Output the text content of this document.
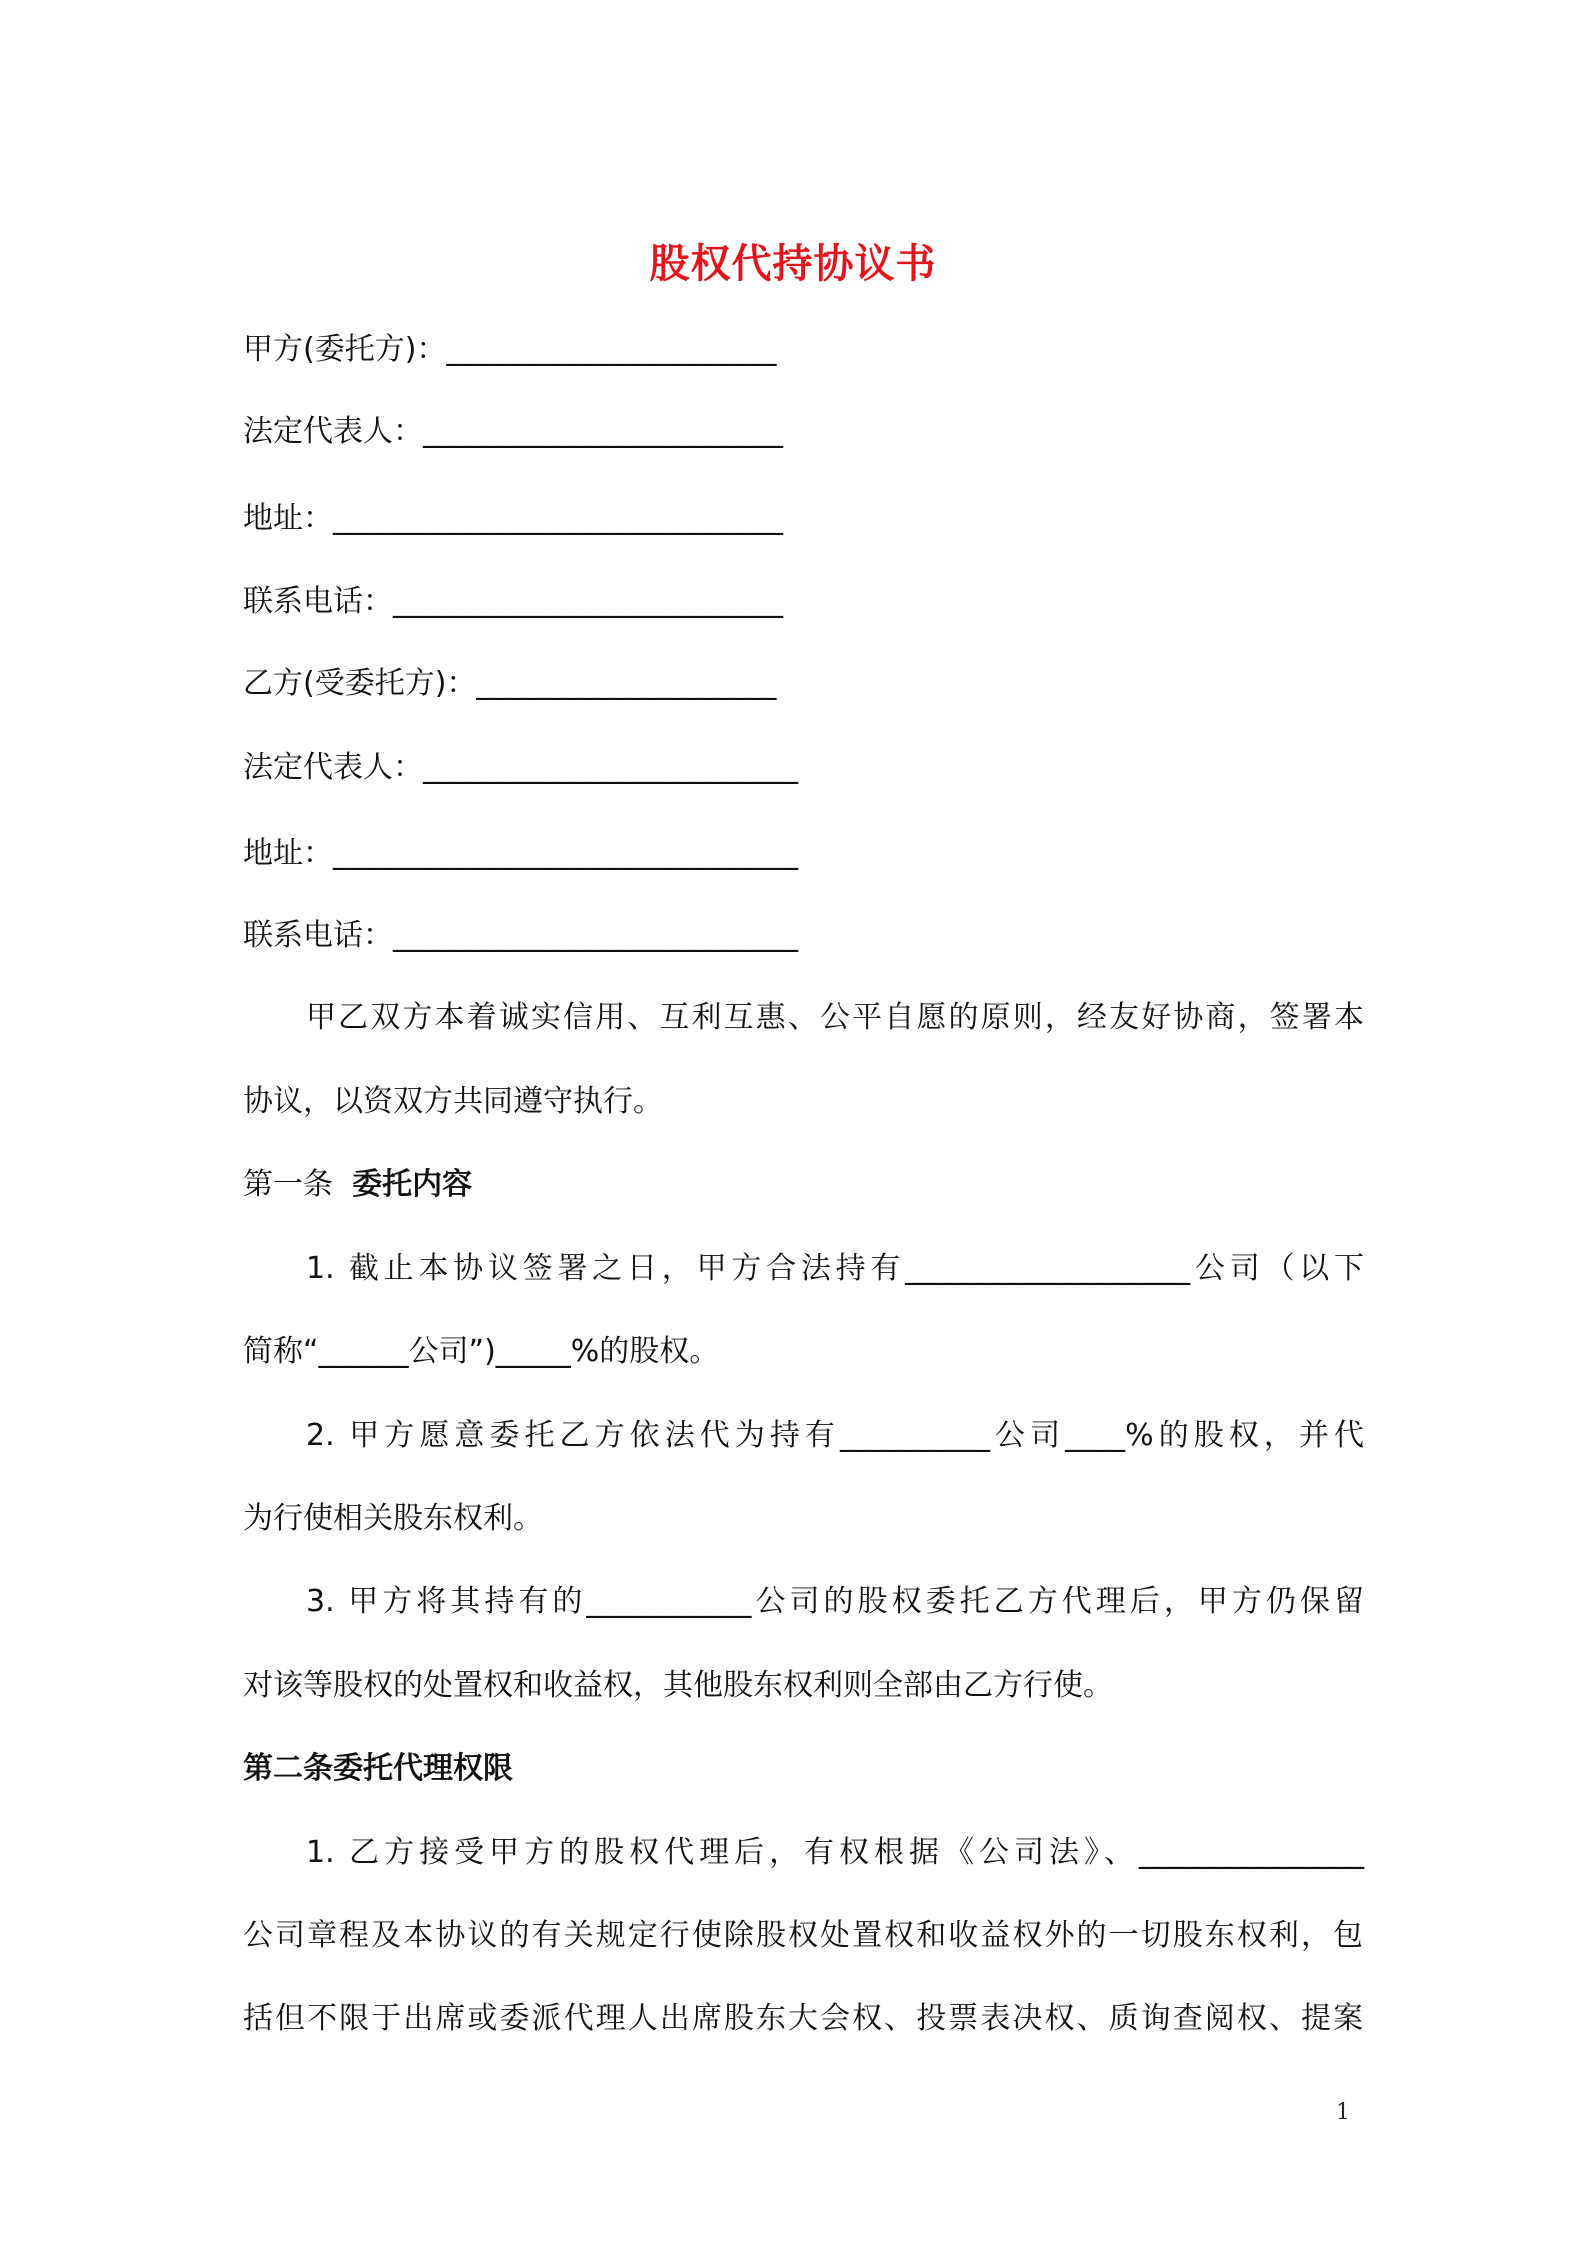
股权代持协议书
甲方(委托方)：______________________
法定代表人：________________________
地址：______________________________
联系电话：__________________________
乙方(受委托方)：____________________
法定代表人：_________________________
地址：_______________________________
联系电话：___________________________
甲乙双方本着诚实信用、互利互惠、公平自愿的原则，经友好协商，签署本
协议，以资双方共同遵守执行。
第一条 委托内容
1. 截止本协议签署之日，甲方合法持有___________________公司（以下
简称“______公司”)_____%的股权。
2. 甲方愿意委托乙方依法代为持有__________公司____%的股权，并代
为行使相关股东权利。
3. 甲方将其持有的___________公司的股权委托乙方代理后，甲方仍保留
对该等股权的处置权和收益权，其他股东权利则全部由乙方行使。
第二条委托代理权限
1. 乙方接受甲方的股权代理后，有权根据《公司法》、_______________
公司章程及本协议的有关规定行使除股权处置权和收益权外的一切股东权利，包
括但不限于出席或委派代理人出席股东大会权、投票表决权、质询查阅权、提案
1
